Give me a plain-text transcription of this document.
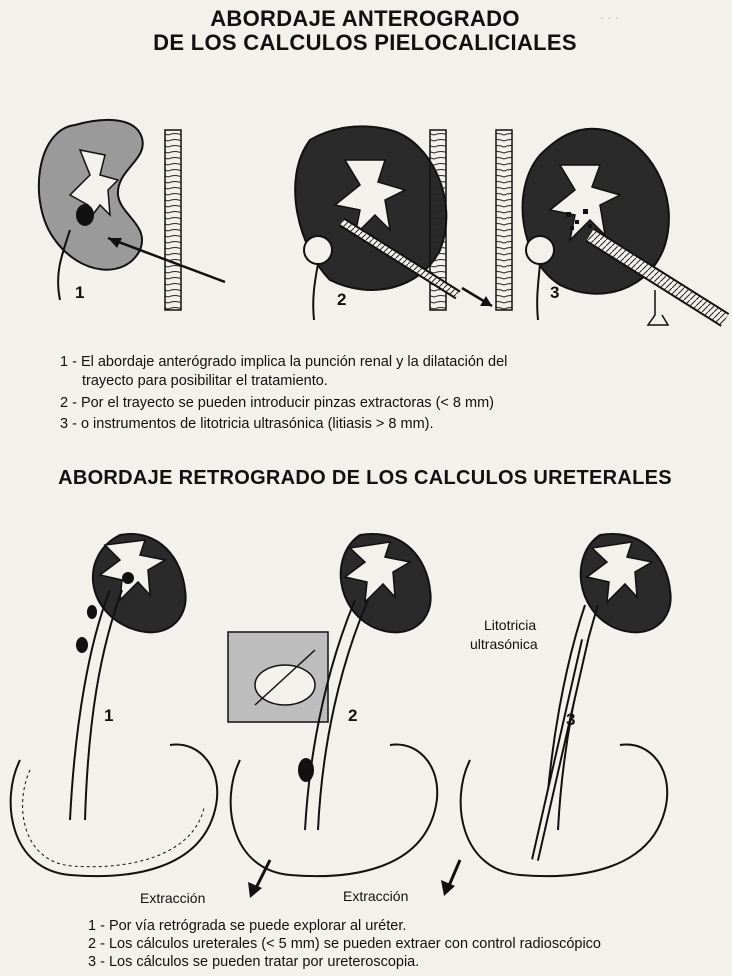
. . .
ABORDAJE ANTEROGRADO
DE LOS CALCULOS PIELOCALICIALES
1	2	3
1 - El abordaje anterógrado implica la punción renal y la dilatación del
trayecto para posibilitar el tratamiento.
2 - Por el trayecto se pueden introducir pinzas extractoras (< 8 mm)
3 - o instrumentos de litotricia ultrasónica (litiasis > 8 mm).
ABORDAJE RETROGRADO DE LOS CALCULOS URETERALES
1	2	3
Litotricia
ultrasónica
Extracción	Extracción
1 - Por vía retrógrada se puede explorar al uréter.
2 - Los cálculos ureterales (< 5 mm) se pueden extraer con control radioscópico
3 - Los cálculos se pueden tratar por ureteroscopia.
